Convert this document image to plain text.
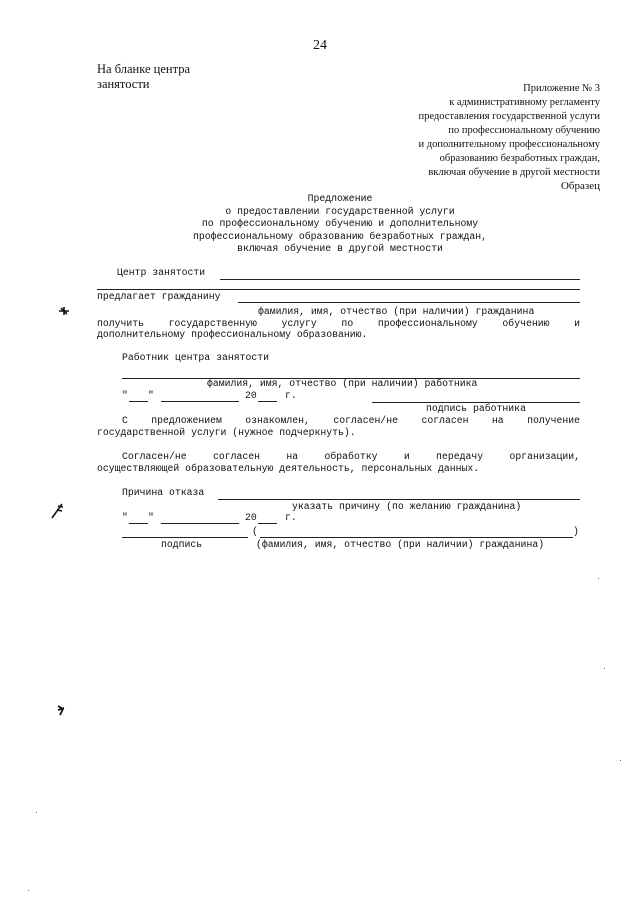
24
На бланке центра
занятости	Приложение № 3
к административному регламенту
предоставления государственной услуги
по профессиональному обучению
и дополнительному профессиональному
образованию безработных граждан,
включая обучение в другой местности
Образец
Предложение
о предоставлении государственной услуги
по профессиональному обучению и дополнительному
профессиональному образованию безработных граждан,
включая обучение в другой местности
Центр занятости
предлагает гражданину
фамилия, имя, отчество (при наличии) гражданина
получить государственную услугу по профессиональному обучению и
дополнительному профессиональному образованию.
Работник центра занятости
фамилия, имя, отчество (при наличии) работника
" "	20	г.
подпись работника
С предложением ознакомлен, согласен/не согласен на получение
государственной услуги (нужное подчеркнуть).
Согласен/не согласен на обработку и передачу организации,
осуществляющей образовательную деятельность, персональных данных.
Причина отказа
указать причину (по желанию гражданина)
" "	20	г.
(	)
подпись	(фамилия, имя, отчество (при наличии) гражданина)
